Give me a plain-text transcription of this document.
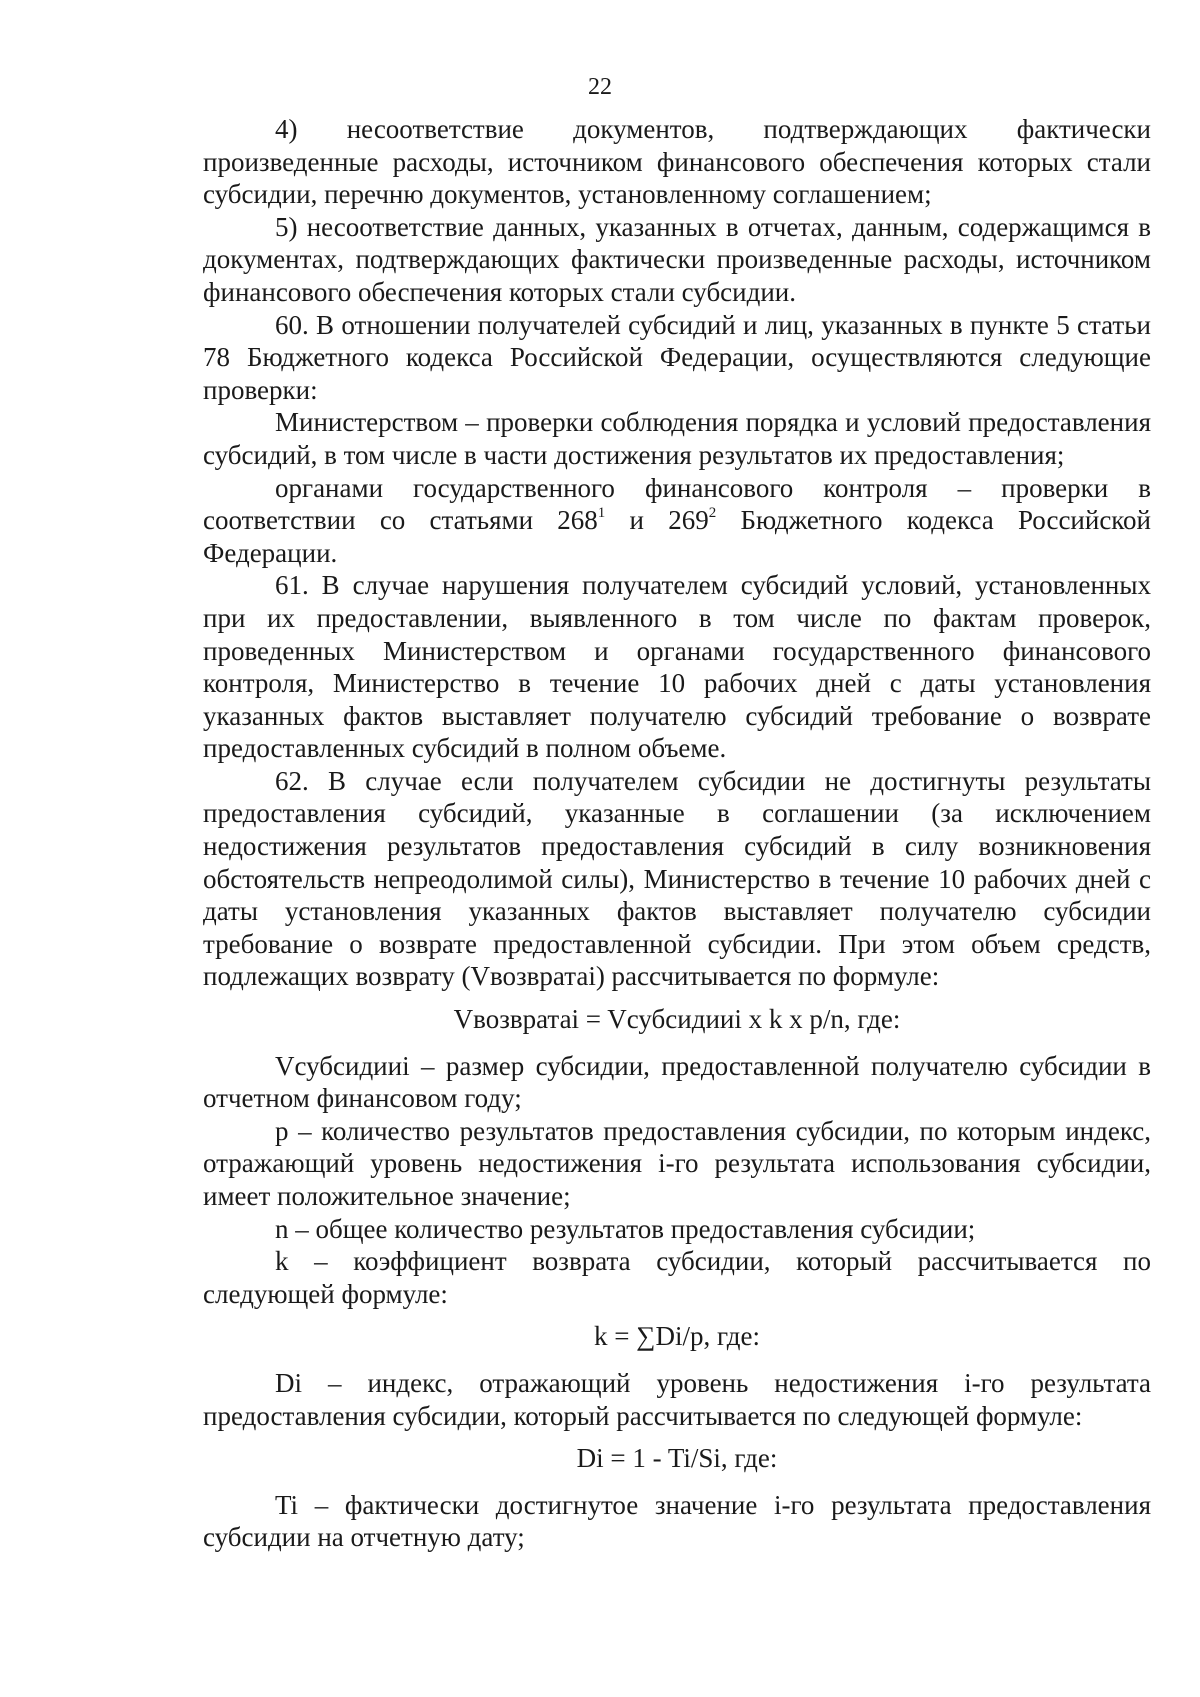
22

4) несоответствие документов, подтверждающих фактически произведенные расходы, источником финансового обеспечения которых стали субсидии, перечню документов, установленному соглашением;

5) несоответствие данных, указанных в отчетах, данным, содержащимся в документах, подтверждающих фактически произведенные расходы, источником финансового обеспечения которых стали субсидии.

60. В отношении получателей субсидий и лиц, указанных в пункте 5 статьи 78 Бюджетного кодекса Российской Федерации, осуществляются следующие проверки:

Министерством – проверки соблюдения порядка и условий предоставления субсидий, в том числе в части достижения результатов их предоставления;

органами государственного финансового контроля – проверки в соответствии со статьями $268^1$ и $269^2$ Бюджетного кодекса Российской Федерации.

61. В случае нарушения получателем субсидий условий, установленных при их предоставлении, выявленного в том числе по фактам проверок, проведенных Министерством и органами государственного финансового контроля, Министерство в течение 10 рабочих дней с даты установления указанных фактов выставляет получателю субсидий требование о возврате предоставленных субсидий в полном объеме.

62. В случае если получателем субсидии не достигнуты результаты предоставления субсидий, указанные в соглашении (за исключением недостижения результатов предоставления субсидий в силу возникновения обстоятельств непреодолимой силы), Министерство в течение 10 рабочих дней с даты установления указанных фактов выставляет получателю субсидии требование о возврате предоставленной субсидии. При этом объем средств, подлежащих возврату (Vвозвратаi) рассчитывается по формуле:

Vвозвратаi = Vсубсидииi x k x p/n, где:

Vсубсидииi – размер субсидии, предоставленной получателю субсидии в отчетном финансовом году;

p – количество результатов предоставления субсидии, по которым индекс, отражающий уровень недостижения i-го результата использования субсидии, имеет положительное значение;

n – общее количество результатов предоставления субсидии;

k – коэффициент возврата субсидии, который рассчитывается по следующей формуле:

k = ∑Di/p, где:

Di – индекс, отражающий уровень недостижения i-го результата предоставления субсидии, который рассчитывается по следующей формуле:

Di = 1 - Ti/Si, где:

Ti – фактически достигнутое значение i-го результата предоставления субсидии на отчетную дату;
